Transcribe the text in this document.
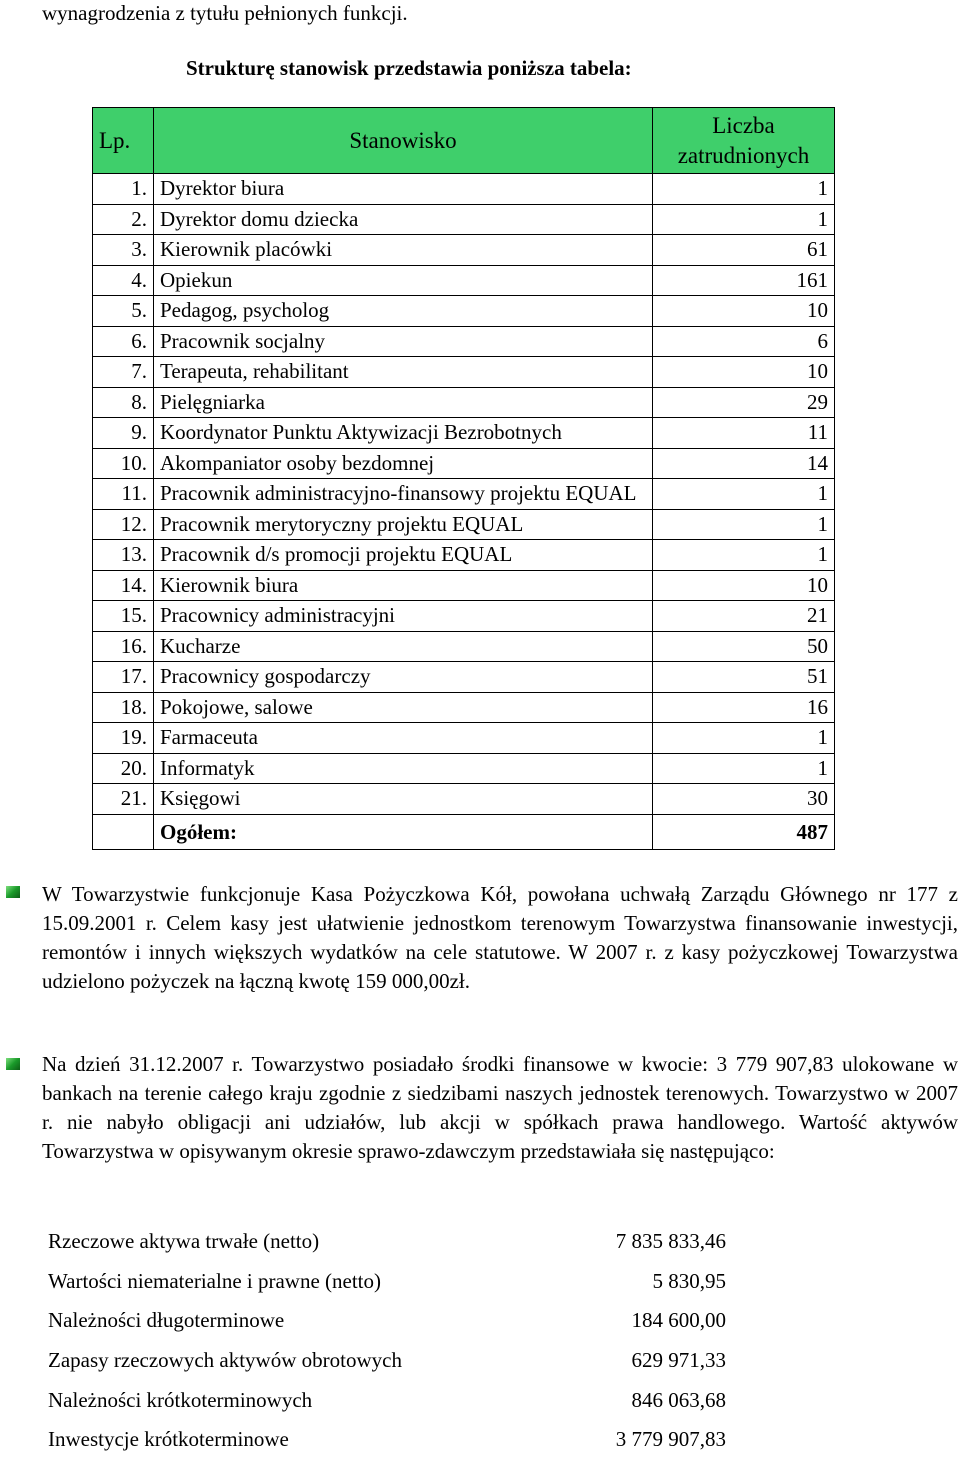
wynagrodzenia z tytułu pełnionych funkcji.
Strukturę stanowisk przedstawia poniższa tabela:
Lp.	Stanowisko	Liczba
zatrudnionych

1.	Dyrektor biura	1
2.	Dyrektor domu dziecka	1
3.	Kierownik placówki	61
4.	Opiekun	161
5.	Pedagog, psycholog	10
6.	Pracownik socjalny	6
7.	Terapeuta, rehabilitant	10
8.	Pielęgniarka	29
9.	Koordynator Punktu Aktywizacji Bezrobotnych	11
10.	Akompaniator osoby bezdomnej	14
11.	Pracownik administracyjno-finansowy projektu EQUAL	1
12.	Pracownik merytoryczny projektu EQUAL	1
13.	Pracownik d/s promocji projektu EQUAL	1
14.	Kierownik biura	10
15.	Pracownicy administracyjni	21
16.	Kucharze	50
17.	Pracownicy gospodarczy	51
18.	Pokojowe, salowe	16
19.	Farmaceuta	1
20.	Informatyk	1
21.	Księgowi	30
	Ogółem:	487
W Towarzystwie funkcjonuje Kasa Pożyczkowa Kół, powołana uchwałą Zarządu Głównego nr 177 z 15.09.2001 r. Celem kasy jest ułatwienie jednostkom terenowym Towarzystwa finansowanie inwestycji, remontów i innych większych wydatków na cele statutowe. W 2007 r. z kasy pożyczkowej Towarzystwa udzielono pożyczek na łączną kwotę 159 000,00zł.
Na dzień 31.12.2007 r. Towarzystwo posiadało środki finansowe w kwocie: 3 779 907,83 ulokowane w bankach na terenie całego kraju zgodnie z siedzibami naszych jednostek terenowych. Towarzystwo w 2007 r. nie nabyło obligacji ani udziałów, lub akcji w spółkach prawa handlowego. Wartość aktywów Towarzystwa w opisywanym okresie sprawo-zdawczym przedstawiała się następująco:
Rzeczowe aktywa trwałe (netto)	7 835 833,46
Wartości niematerialne i prawne (netto)	5 830,95
Należności długoterminowe	184 600,00
Zapasy rzeczowych aktywów obrotowych	629 971,33
Należności krótkoterminowych	846 063,68
Inwestycje krótkoterminowe	3 779 907,83
